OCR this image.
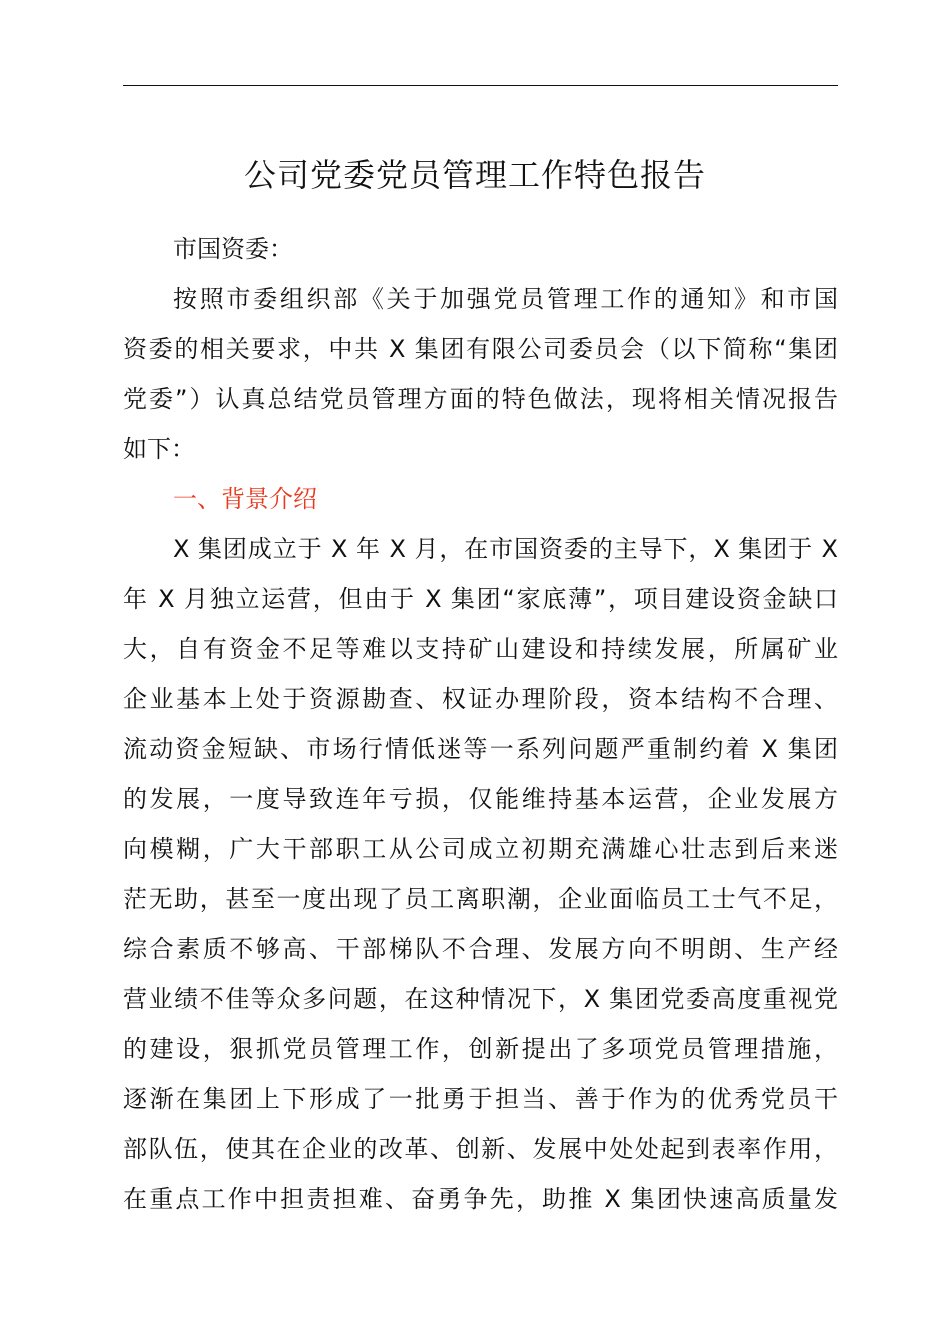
公司党委党员管理工作特色报告
市国资委：
按照市委组织部《关于加强党员管理工作的通知》和市国
资委的相关要求，中共 X 集团有限公司委员会（以下简称“集团
党委”）认真总结党员管理方面的特色做法，现将相关情况报告
如下：
一、背景介绍
X 集团成立于 X 年 X 月，在市国资委的主导下，X 集团于 X
年 X 月独立运营，但由于 X 集团“家底薄”，项目建设资金缺口
大，自有资金不足等难以支持矿山建设和持续发展，所属矿业
企业基本上处于资源勘查、权证办理阶段，资本结构不合理、
流动资金短缺、市场行情低迷等一系列问题严重制约着 X 集团
的发展，一度导致连年亏损，仅能维持基本运营，企业发展方
向模糊，广大干部职工从公司成立初期充满雄心壮志到后来迷
茫无助，甚至一度出现了员工离职潮，企业面临员工士气不足，
综合素质不够高、干部梯队不合理、发展方向不明朗、生产经
营业绩不佳等众多问题，在这种情况下，X 集团党委高度重视党
的建设，狠抓党员管理工作，创新提出了多项党员管理措施，
逐渐在集团上下形成了一批勇于担当、善于作为的优秀党员干
部队伍，使其在企业的改革、创新、发展中处处起到表率作用，
在重点工作中担责担难、奋勇争先，助推 X 集团快速高质量发
